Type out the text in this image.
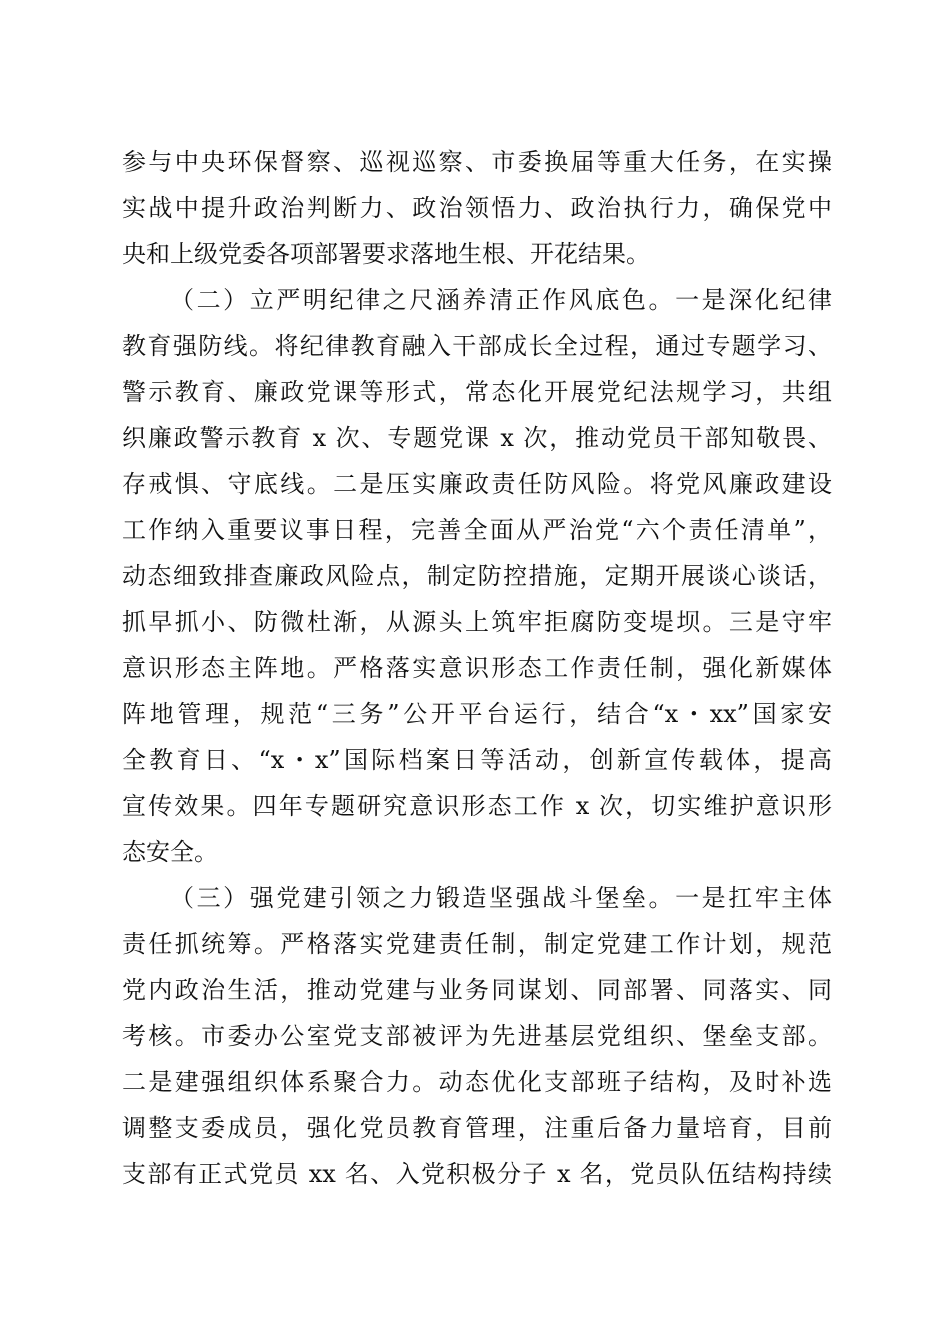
参与中央环保督察、巡视巡察、市委换届等重大任务，在实操
实战中提升政治判断力、政治领悟力、政治执行力，确保党中
央和上级党委各项部署要求落地生根、开花结果。
（二）立严明纪律之尺涵养清正作风底色。一是深化纪律
教育强防线。将纪律教育融入干部成长全过程，通过专题学习、
警示教育、廉政党课等形式，常态化开展党纪法规学习，共组
织廉政警示教育 x 次、专题党课 x 次，推动党员干部知敬畏、
存戒惧、守底线。二是压实廉政责任防风险。将党风廉政建设
工作纳入重要议事日程，完善全面从严治党“六个责任清单”，
动态细致排查廉政风险点，制定防控措施，定期开展谈心谈话，
抓早抓小、防微杜渐，从源头上筑牢拒腐防变堤坝。三是守牢
意识形态主阵地。严格落实意识形态工作责任制，强化新媒体
阵地管理，规范“三务”公开平台运行，结合“x・xx”国家安
全教育日、“x・x”国际档案日等活动，创新宣传载体，提高
宣传效果。四年专题研究意识形态工作 x 次，切实维护意识形
态安全。
（三）强党建引领之力锻造坚强战斗堡垒。一是扛牢主体
责任抓统筹。严格落实党建责任制，制定党建工作计划，规范
党内政治生活，推动党建与业务同谋划、同部署、同落实、同
考核。市委办公室党支部被评为先进基层党组织、堡垒支部。
二是建强组织体系聚合力。动态优化支部班子结构，及时补选
调整支委成员，强化党员教育管理，注重后备力量培育，目前
支部有正式党员 xx 名、入党积极分子 x 名，党员队伍结构持续
